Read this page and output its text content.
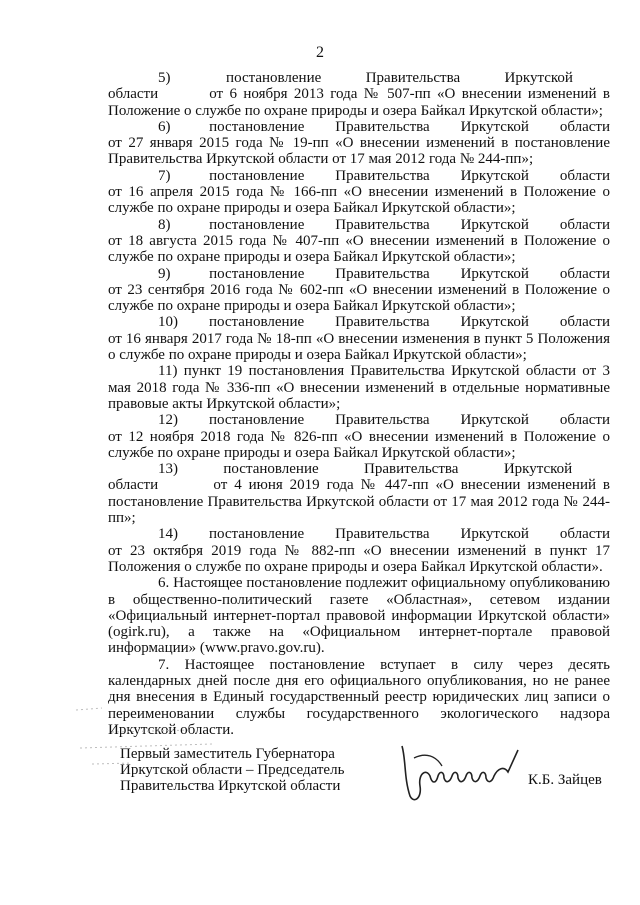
2

5)          постановление        Правительства        Иркутской        области        от 6 ноября 2013 года № 507-пп «О внесении изменений в Положение о службе по охране природы и озера Байкал Иркутской области»;

6)          постановление        Правительства        Иркутской        области от 27 января 2015 года № 19-пп «О внесении изменений в постановление Правительства Иркутской области от 17 мая 2012 года № 244-пп»;

7)          постановление        Правительства        Иркутской        области от 16 апреля 2015 года № 166-пп «О внесении изменений в Положение о службе по охране природы и озера Байкал Иркутской области»;

8)          постановление        Правительства        Иркутской        области от 18 августа 2015 года № 407-пп «О внесении изменений в Положение о службе по охране природы и озера Байкал Иркутской области»;

9)          постановление        Правительства        Иркутской        области от 23 сентября 2016 года № 602-пп «О внесении изменений в Положение о службе по охране природы и озера Байкал Иркутской области»;

10)        постановление        Правительства        Иркутской        области от 16 января 2017 года № 18-пп «О внесении изменения в пункт 5 Положения о службе по охране природы и озера Байкал Иркутской области»;

11) пункт 19 постановления Правительства Иркутской области от 3 мая 2018 года № 336-пп «О внесении изменений в отдельные нормативные правовые акты Иркутской области»;

12)        постановление        Правительства        Иркутской        области от 12 ноября 2018 года № 826-пп «О внесении изменений в Положение о службе по охране природы и озера Байкал Иркутской области»;

13)        постановление        Правительства        Иркутской        области        от 4 июня 2019 года № 447-пп «О внесении изменений в постановление Правительства Иркутской области от 17 мая 2012 года № 244-пп»;

14)        постановление        Правительства        Иркутской        области от 23 октября 2019 года № 882-пп «О внесении изменений в пункт 17 Положения о службе по охране природы и озера Байкал Иркутской области».

6. Настоящее постановление подлежит официальному опубликованию в общественно-политический газете «Областная», сетевом издании «Официальный интернет-портал правовой информации Иркутской области» (ogirk.ru), а также на «Официальном интернет-портале правовой информации» (www.pravo.gov.ru).

7. Настоящее постановление вступает в силу через десять календарных дней после дня его официального опубликования, но не ранее дня внесения в Единый государственный реестр юридических лиц записи о переименовании службы государственного экологического надзора Иркутской области.

Первый заместитель Губернатора
Иркутской области – Председатель
Правительства Иркутской области	К.Б. Зайцев
